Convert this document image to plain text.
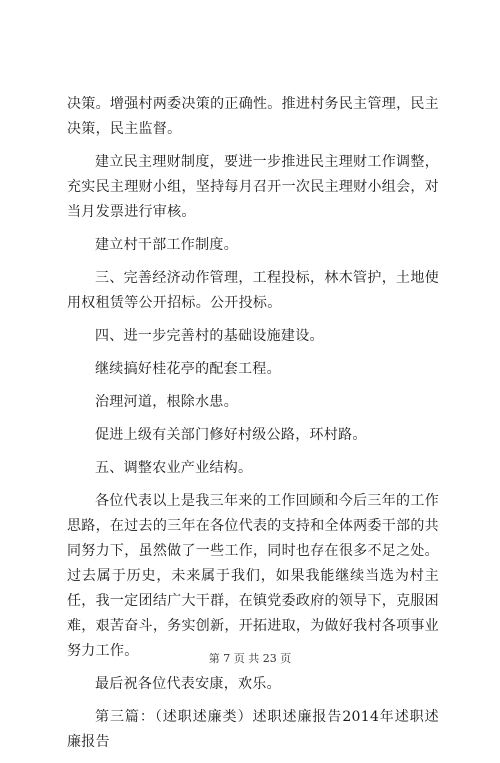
决策。增强村两委决策的正确性。推进村务民主管理，民主决策，民主监督。

建立民主理财制度，要进一步推进民主理财工作调整，充实民主理财小组，坚持每月召开一次民主理财小组会，对当月发票进行审核。

建立村干部工作制度。

三、完善经济动作管理，工程投标，林木管护，土地使用权租赁等公开招标。公开投标。

四、进一步完善村的基础设施建设。

继续搞好桂花亭的配套工程。

治理河道，根除水患。

促进上级有关部门修好村级公路，环村路。

五、调整农业产业结构。

各位代表以上是我三年来的工作回顾和今后三年的工作思路，在过去的三年在各位代表的支持和全体两委干部的共同努力下，虽然做了一些工作，同时也存在很多不足之处。过去属于历史，未来属于我们，如果我能继续当选为村主任，我一定团结广大干群，在镇党委政府的领导下，克服困难，艰苦奋斗，务实创新，开拓进取，为做好我村各项事业努力工作。

最后祝各位代表安康，欢乐。

第三篇：（述职述廉类）述职述廉报告2014年述职述廉报告

第 7 页 共 23 页
